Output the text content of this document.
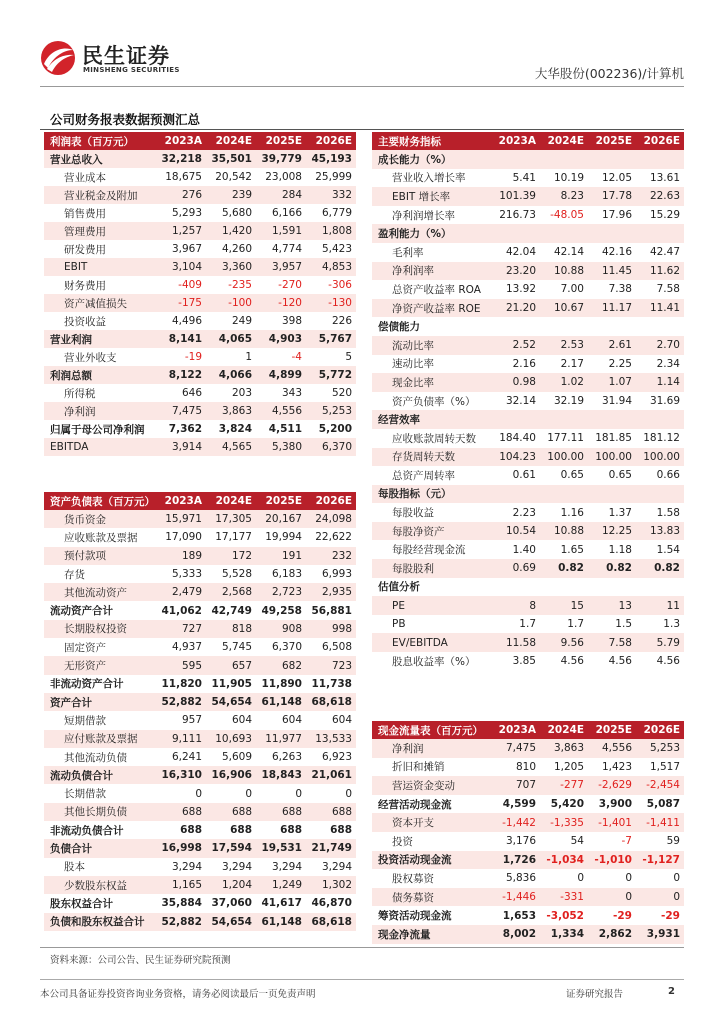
民生证券
MINSHENG SECURITIES	大华股份(002236)/计算机
公司财务报表数据预测汇总
利润表（百万元）	2023A	2024E	2025E	2026E
营业总收入	32,218	35,501	39,779	45,193
营业成本	18,675	20,542	23,008	25,999
营业税金及附加	276	239	284	332
销售费用	5,293	5,680	6,166	6,779
管理费用	1,257	1,420	1,591	1,808
研发费用	3,967	4,260	4,774	5,423
EBIT	3,104	3,360	3,957	4,853
财务费用	-409	-235	-270	-306
资产减值损失	-175	-100	-120	-130
投资收益	4,496	249	398	226
营业利润	8,141	4,065	4,903	5,767
营业外收支	-19	1	-4	5
利润总额	8,122	4,066	4,899	5,772
所得税	646	203	343	520
净利润	7,475	3,863	4,556	5,253
归属于母公司净利润	7,362	3,824	4,511	5,200
EBITDA	3,914	4,565	5,380	6,370
主要财务指标	2023A	2024E	2025E	2026E
成长能力（%）				
营业收入增长率	5.41	10.19	12.05	13.61
EBIT 增长率	101.39	8.23	17.78	22.63
净利润增长率	216.73	-48.05	17.96	15.29
盈利能力（%）				
毛利率	42.04	42.14	42.16	42.47
净利润率	23.20	10.88	11.45	11.62
总资产收益率 ROA	13.92	7.00	7.38	7.58
净资产收益率 ROE	21.20	10.67	11.17	11.41
偿债能力				
流动比率	2.52	2.53	2.61	2.70
速动比率	2.16	2.17	2.25	2.34
现金比率	0.98	1.02	1.07	1.14
资产负债率（%）	32.14	32.19	31.94	31.69
经营效率				
应收账款周转天数	184.40	177.11	181.85	181.12
存货周转天数	104.23	100.00	100.00	100.00
总资产周转率	0.61	0.65	0.65	0.66
每股指标（元）				
每股收益	2.23	1.16	1.37	1.58
每股净资产	10.54	10.88	12.25	13.83
每股经营现金流	1.40	1.65	1.18	1.54
每股股利	0.69	0.82	0.82	0.82
估值分析				
PE	8	15	13	11
PB	1.7	1.7	1.5	1.3
EV/EBITDA	11.58	9.56	7.58	5.79
股息收益率（%）	3.85	4.56	4.56	4.56
资产负债表（百万元）	2023A	2024E	2025E	2026E
货币资金	15,971	17,305	20,167	24,098
应收账款及票据	17,090	17,177	19,994	22,622
预付款项	189	172	191	232
存货	5,333	5,528	6,183	6,993
其他流动资产	2,479	2,568	2,723	2,935
流动资产合计	41,062	42,749	49,258	56,881
长期股权投资	727	818	908	998
固定资产	4,937	5,745	6,370	6,508
无形资产	595	657	682	723
非流动资产合计	11,820	11,905	11,890	11,738
资产合计	52,882	54,654	61,148	68,618
短期借款	957	604	604	604
应付账款及票据	9,111	10,693	11,977	13,533
其他流动负债	6,241	5,609	6,263	6,923
流动负债合计	16,310	16,906	18,843	21,061
长期借款	0	0	0	0
其他长期负债	688	688	688	688
非流动负债合计	688	688	688	688
负债合计	16,998	17,594	19,531	21,749
股本	3,294	3,294	3,294	3,294
少数股东权益	1,165	1,204	1,249	1,302
股东权益合计	35,884	37,060	41,617	46,870
负债和股东权益合计	52,882	54,654	61,148	68,618
现金流量表（百万元）	2023A	2024E	2025E	2026E
净利润	7,475	3,863	4,556	5,253
折旧和摊销	810	1,205	1,423	1,517
营运资金变动	707	-277	-2,629	-2,454
经营活动现金流	4,599	5,420	3,900	5,087
资本开支	-1,442	-1,335	-1,401	-1,411
投资	3,176	54	-7	59
投资活动现金流	1,726	-1,034	-1,010	-1,127
股权募资	5,836	0	0	0
债务募资	-1,446	-331	0	0
筹资活动现金流	1,653	-3,052	-29	-29
现金净流量	8,002	1,334	2,862	3,931
资料来源：公司公告、民生证券研究院预测
本公司具备证券投资咨询业务资格，请务必阅读最后一页免责声明	证券研究报告	2
